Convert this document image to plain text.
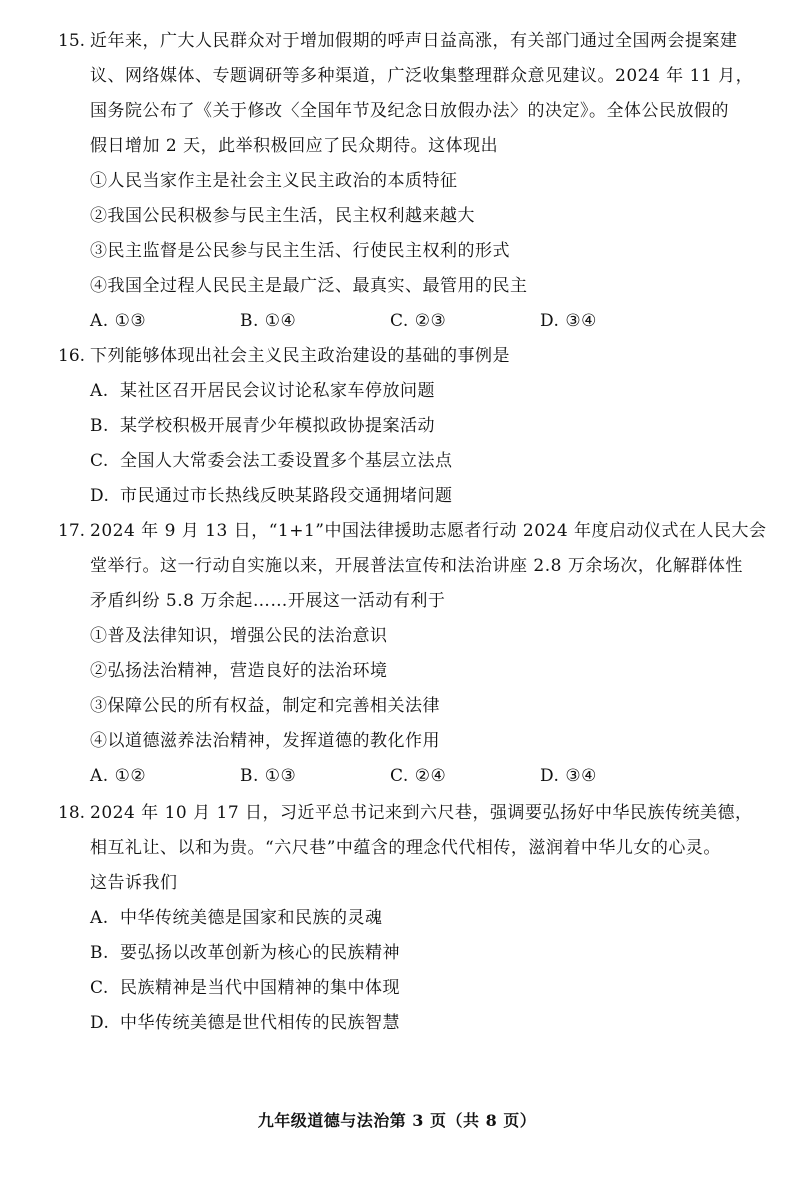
15. 近年来，广大人民群众对于增加假期的呼声日益高涨，有关部门通过全国两会提案建
议、网络媒体、专题调研等多种渠道，广泛收集整理群众意见建议。2024 年 11 月，
国务院公布了《关于修改〈全国年节及纪念日放假办法〉的决定》。全体公民放假的
假日增加 2 天，此举积极回应了民众期待。这体现出
①人民当家作主是社会主义民主政治的本质特征
②我国公民积极参与民主生活，民主权利越来越大
③民主监督是公民参与民主生活、行使民主权利的形式
④我国全过程人民民主是最广泛、最真实、最管用的民主
A. ①③	B. ①④	C. ②③	D. ③④
16. 下列能够体现出社会主义民主政治建设的基础的事例是
A. 某社区召开居民会议讨论私家车停放问题
B. 某学校积极开展青少年模拟政协提案活动
C. 全国人大常委会法工委设置多个基层立法点
D. 市民通过市长热线反映某路段交通拥堵问题
17. 2024 年 9 月 13 日，“1+1”中国法律援助志愿者行动 2024 年度启动仪式在人民大会
堂举行。这一行动自实施以来，开展普法宣传和法治讲座 2.8 万余场次，化解群体性
矛盾纠纷 5.8 万余起……开展这一活动有利于
①普及法律知识，增强公民的法治意识
②弘扬法治精神，营造良好的法治环境
③保障公民的所有权益，制定和完善相关法律
④以道德滋养法治精神，发挥道德的教化作用
A. ①②	B. ①③	C. ②④	D. ③④
18. 2024 年 10 月 17 日，习近平总书记来到六尺巷，强调要弘扬好中华民族传统美德，
相互礼让、以和为贵。“六尺巷”中蕴含的理念代代相传，滋润着中华儿女的心灵。
这告诉我们
A. 中华传统美德是国家和民族的灵魂
B. 要弘扬以改革创新为核心的民族精神
C. 民族精神是当代中国精神的集中体现
D. 中华传统美德是世代相传的民族智慧
九年级道德与法治第 3 页（共 8 页）
